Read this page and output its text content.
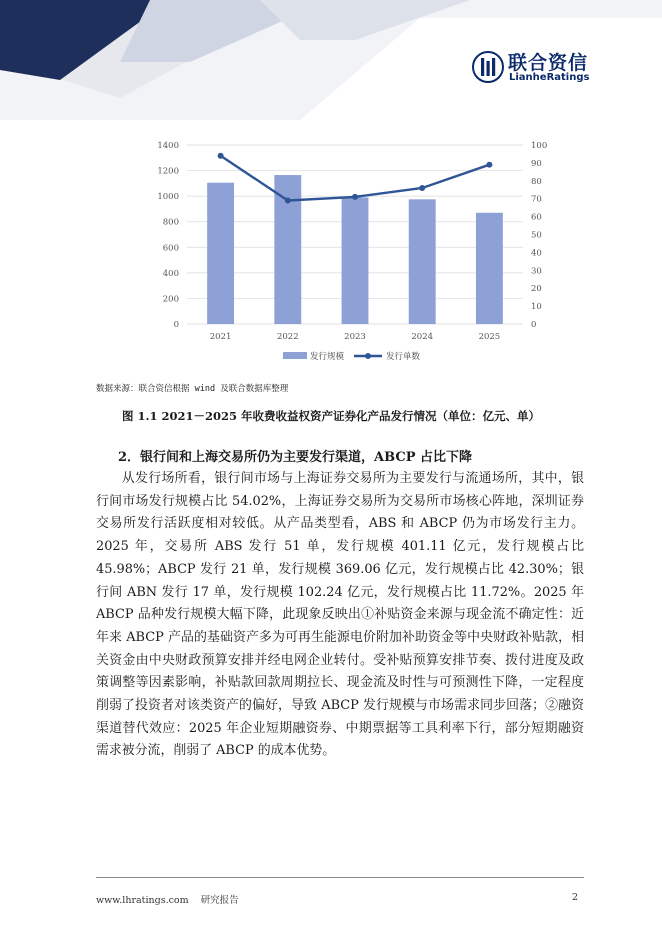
联合资信
LianheRatings
0
200
400
600
800
1000
1200
1400
0
10
20
30
40
50
60
70
80
90
100
2021	2022	2023	2024	2025
发行规模	发行单数
数据来源：联合资信根据 wind 及联合数据库整理
图 1.1 2021－2025 年收费收益权资产证券化产品发行情况（单位：亿元、单）
2．银行间和上海交易所仍为主要发行渠道，ABCP 占比下降

从发行场所看，银行间市场与上海证券交易所为主要发行与流通场所，其中，银行间市场发行规模占比 54.02%，上海证券交易所为交易所市场核心阵地，深圳证券交易所发行活跃度相对较低。从产品类型看，ABS 和 ABCP 仍为市场发行主力。2025 年，交易所 ABS 发行 51 单，发行规模 401.11 亿元，发行规模占比 45.98%；ABCP 发行 21 单，发行规模 369.06 亿元，发行规模占比 42.30%；银行间 ABN 发行 17 单，发行规模 102.24 亿元，发行规模占比 11.72%。2025 年 ABCP 品种发行规模大幅下降，此现象反映出①补贴资金来源与现金流不确定性：近年来 ABCP 产品的基础资产多为可再生能源电价附加补助资金等中央财政补贴款，相关资金由中央财政预算安排并经电网企业转付。受补贴预算安排节奏、拨付进度及政策调整等因素影响，补贴款回款周期拉长、现金流及时性与可预测性下降，一定程度削弱了投资者对该类资产的偏好，导致 ABCP 发行规模与市场需求同步回落；②融资渠道替代效应：2025 年企业短期融资券、中期票据等工具利率下行，部分短期融资需求被分流，削弱了 ABCP 的成本优势。

www.lhratings.com 研究报告	2
